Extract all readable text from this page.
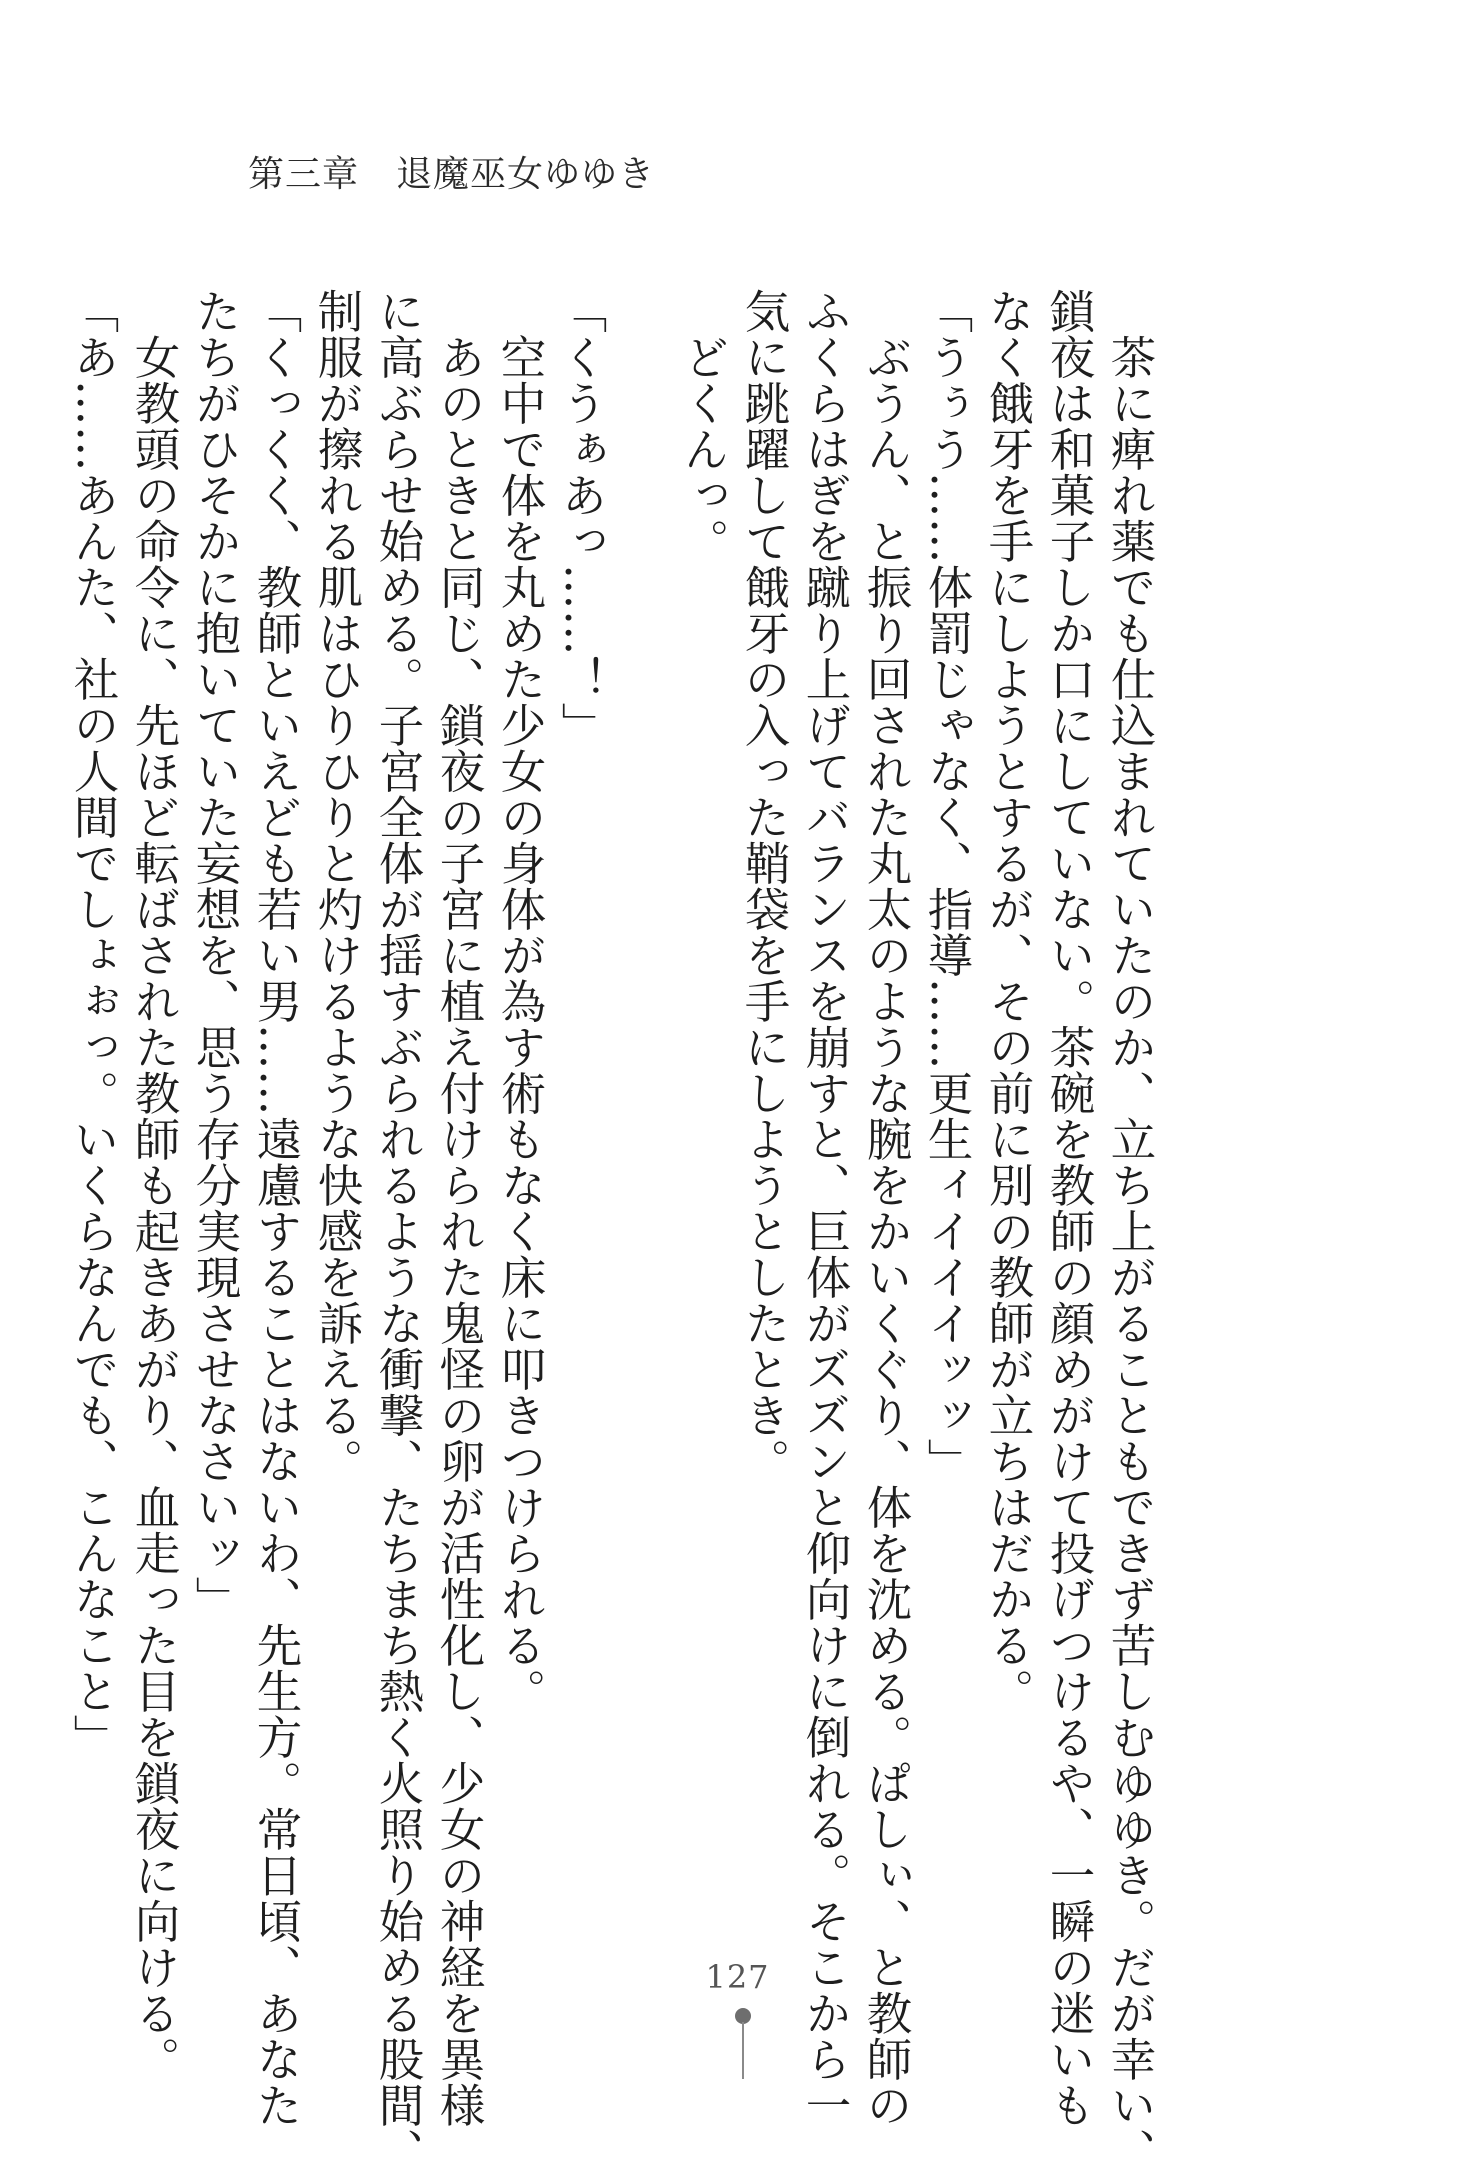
第三章　退魔巫女ゆゆき
　茶に痺れ薬でも仕込まれていたのか、立ち上がることもできず苦しむゆゆき。だが幸い、
鎖夜は和菓子しか口にしていない。茶碗を教師の顔めがけて投げつけるや、一瞬の迷いも
なく餓牙を手にしようとするが、その前に別の教師が立ちはだかる。
「うぅう……体罰じゃなく、指導……更生ィイイイッッ」
　ぶうん、と振り回された丸太のような腕をかいくぐり、体を沈める。ぱしぃ、と教師の
ふくらはぎを蹴り上げてバランスを崩すと、巨体がズズンと仰向けに倒れる。そこから一
気に跳躍して餓牙の入った鞘袋を手にしようとしたとき。
　どくんっ。
「くうぁあっ……！」
　空中で体を丸めた少女の身体が為す術もなく床に叩きつけられる。
　あのときと同じ、鎖夜の子宮に植え付けられた鬼怪の卵が活性化し、少女の神経を異様
に高ぶらせ始める。子宮全体が揺すぶられるような衝撃、たちまち熱く火照り始める股間、
制服が擦れる肌はひりひりと灼けるような快感を訴える。
「くっくく、教師といえども若い男……遠慮することはないわ、先生方。常日頃、あなた
たちがひそかに抱いていた妄想を、思う存分実現させなさいッ」
　女教頭の命令に、先ほど転ばされた教師も起きあがり、血走った目を鎖夜に向ける。
「あ……あんた、社の人間でしょぉっ。いくらなんでも、こんなこと」
127
